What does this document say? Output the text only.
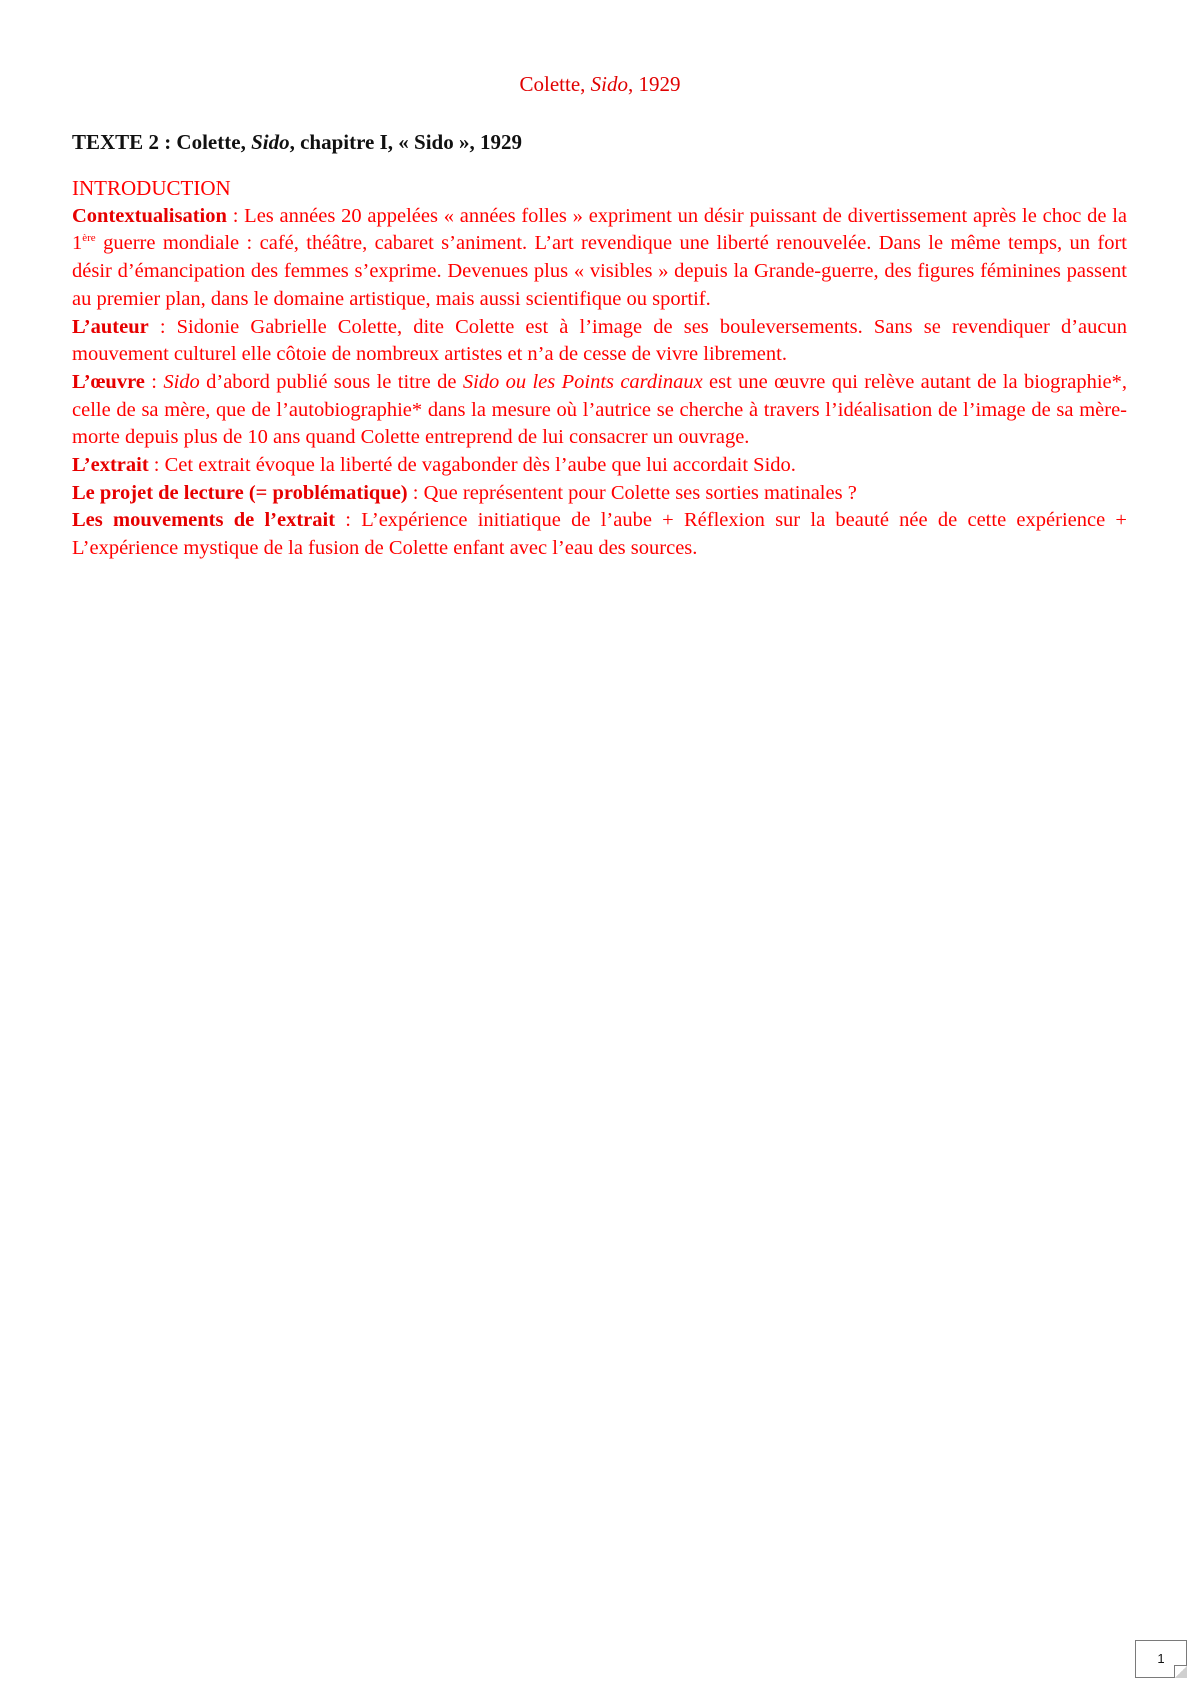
Colette, Sido, 1929
TEXTE 2 : Colette, Sido, chapitre I, « Sido », 1929
INTRODUCTION

Contextualisation : Les années 20 appelées « années folles » expriment un désir puissant de divertissement après le choc de la 1ère guerre mondiale : café, théâtre, cabaret s’animent. L’art revendique une liberté renouvelée. Dans le même temps, un fort désir d’émancipation des femmes s’exprime. Devenues plus « visibles » depuis la Grande-guerre, des figures féminines passent au premier plan, dans le domaine artistique, mais aussi scientifique ou sportif.

L’auteur : Sidonie Gabrielle Colette, dite Colette est à l’image de ses bouleversements. Sans se revendiquer d’aucun mouvement culturel elle côtoie de nombreux artistes et n’a de cesse de vivre librement.

L’œuvre : Sido d’abord publié sous le titre de Sido ou les Points cardinaux est une œuvre qui relève autant de la biographie*, celle de sa mère, que de l’autobiographie* dans la mesure où l’autrice se cherche à travers l’idéalisation de l’image de sa mère- morte depuis plus de 10 ans quand Colette entreprend de lui consacrer un ouvrage.

L’extrait : Cet extrait évoque la liberté de vagabonder dès l’aube que lui accordait Sido.

Le projet de lecture (= problématique) : Que représentent pour Colette ses sorties matinales ?

Les mouvements de l’extrait : L’expérience initiatique de l’aube + Réflexion sur la beauté née de cette expérience + L’expérience mystique de la fusion de Colette enfant avec l’eau des sources.

1
